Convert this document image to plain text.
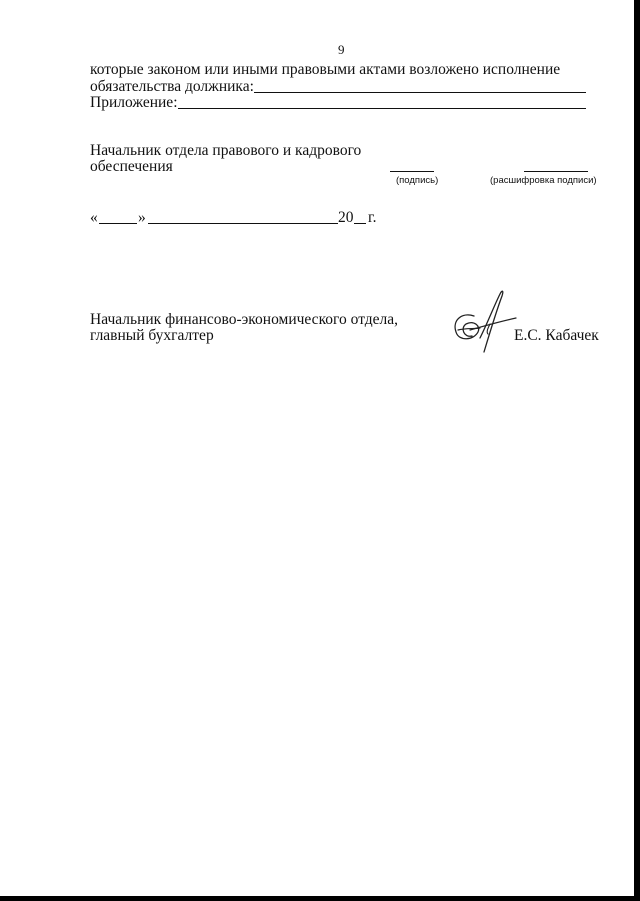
9
которые законом или иными правовыми актами возложено исполнение
обязательства должника:
Приложение:
Начальник отдела правового и кадрового
обеспечения
(подпись)	(расшифровка подписи)
«	»	20 г.
Начальник финансово-экономического отдела,
главный бухгалтер	Е.С. Кабачек
